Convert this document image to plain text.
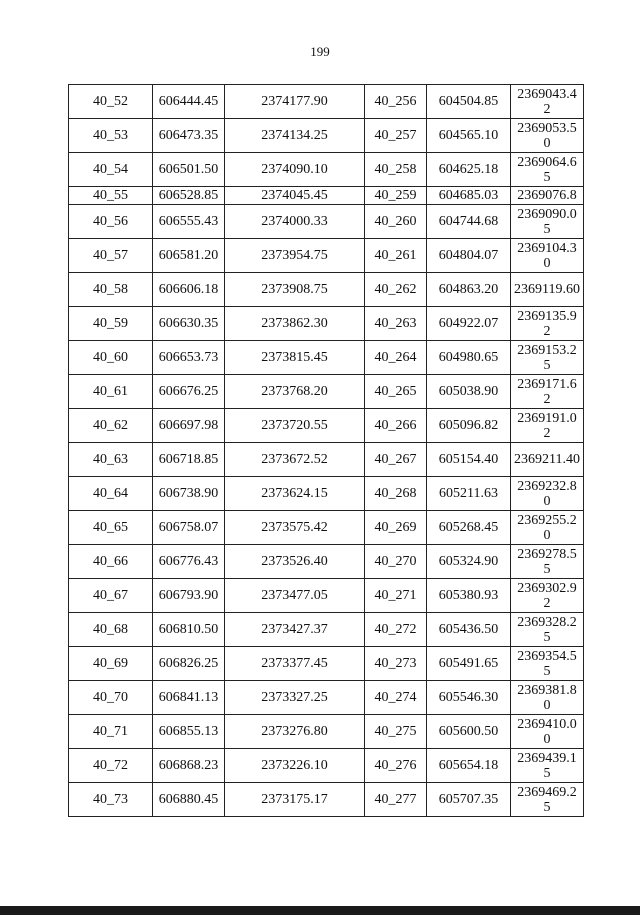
199
40_52	606444.45	2374177.90	40_256	604504.85	2369043.42
40_53	606473.35	2374134.25	40_257	604565.10	2369053.50
40_54	606501.50	2374090.10	40_258	604625.18	2369064.65
40_55	606528.85	2374045.45	40_259	604685.03	2369076.8
40_56	606555.43	2374000.33	40_260	604744.68	2369090.05
40_57	606581.20	2373954.75	40_261	604804.07	2369104.30
40_58	606606.18	2373908.75	40_262	604863.20	2369119.60
40_59	606630.35	2373862.30	40_263	604922.07	2369135.92
40_60	606653.73	2373815.45	40_264	604980.65	2369153.25
40_61	606676.25	2373768.20	40_265	605038.90	2369171.62
40_62	606697.98	2373720.55	40_266	605096.82	2369191.02
40_63	606718.85	2373672.52	40_267	605154.40	2369211.40
40_64	606738.90	2373624.15	40_268	605211.63	2369232.80
40_65	606758.07	2373575.42	40_269	605268.45	2369255.20
40_66	606776.43	2373526.40	40_270	605324.90	2369278.55
40_67	606793.90	2373477.05	40_271	605380.93	2369302.92
40_68	606810.50	2373427.37	40_272	605436.50	2369328.25
40_69	606826.25	2373377.45	40_273	605491.65	2369354.55
40_70	606841.13	2373327.25	40_274	605546.30	2369381.80
40_71	606855.13	2373276.80	40_275	605600.50	2369410.00
40_72	606868.23	2373226.10	40_276	605654.18	2369439.15
40_73	606880.45	2373175.17	40_277	605707.35	2369469.25
